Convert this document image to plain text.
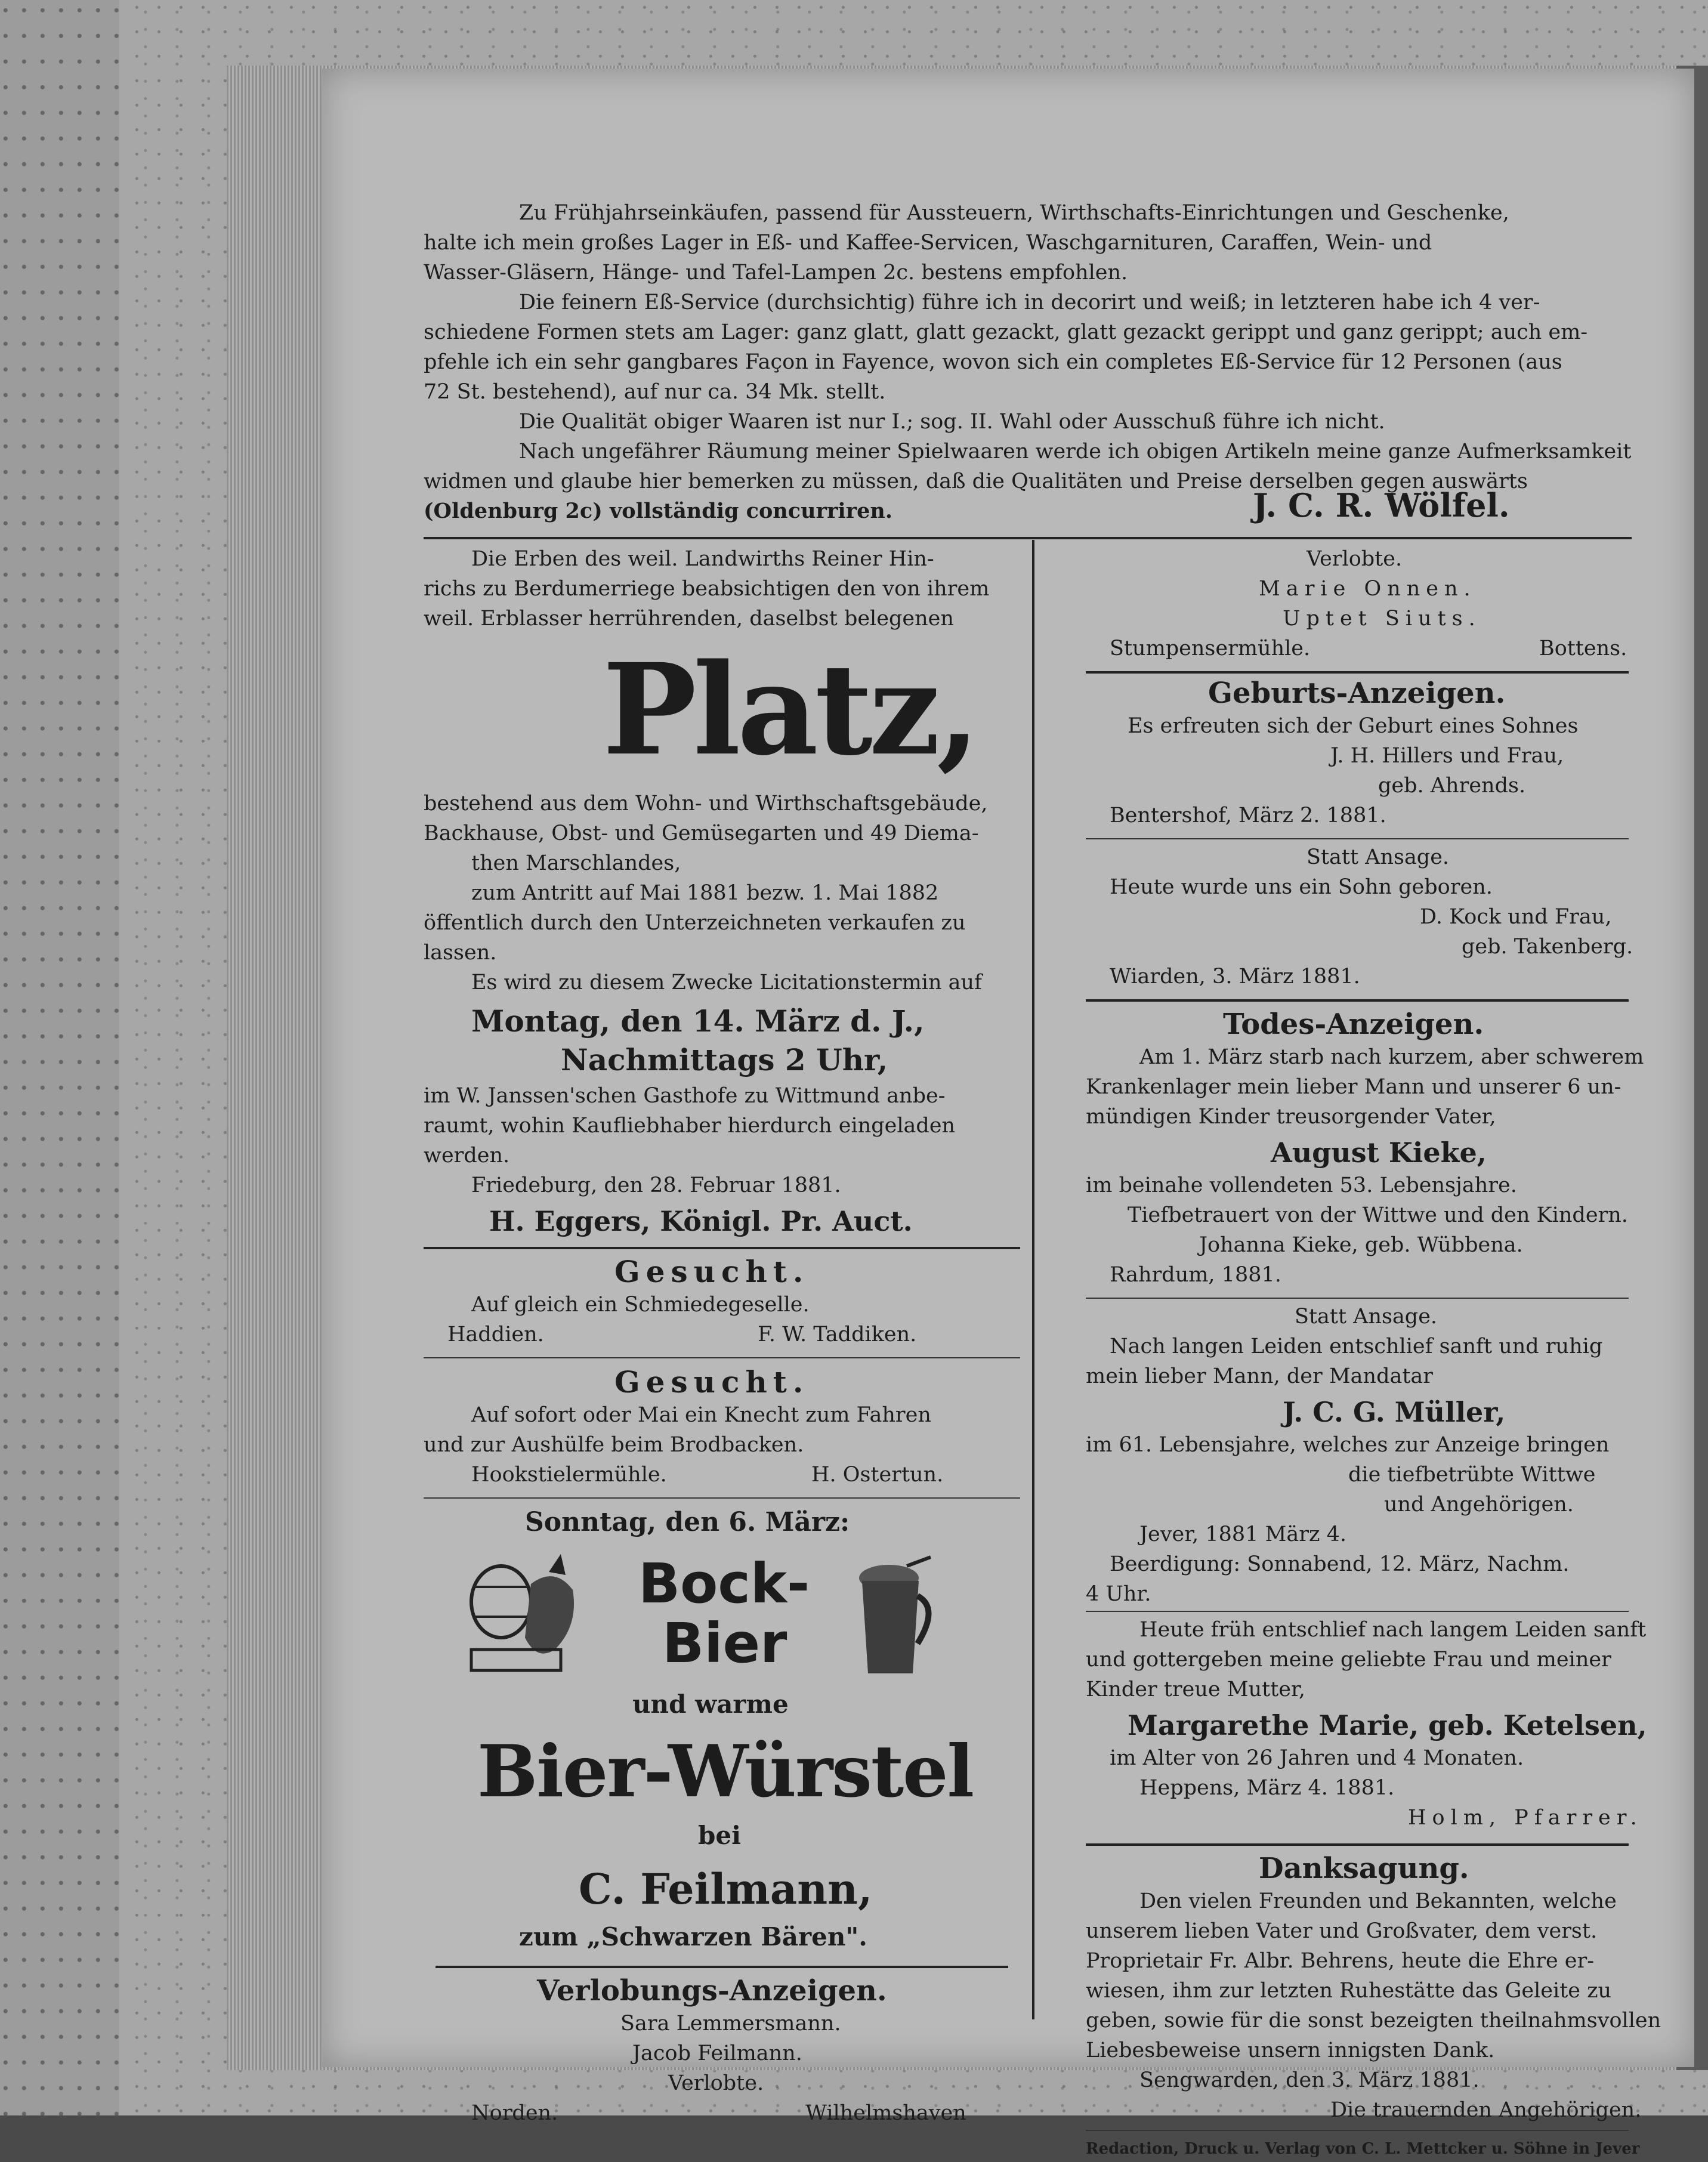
Zu Frühjahrseinkäufen, passend für Aussteuern, Wirthschafts-Einrichtungen und Geschenke,
halte ich mein großes Lager in Eß- und Kaffee-Servicen, Waschgarnituren, Caraffen, Wein- und
Wasser-Gläsern, Hänge- und Tafel-Lampen 2c. bestens empfohlen.
Die feinern Eß-Service (durchsichtig) führe ich in decorirt und weiß; in letzteren habe ich 4 ver-
schiedene Formen stets am Lager: ganz glatt, glatt gezackt, glatt gezackt gerippt und ganz gerippt; auch em-
pfehle ich ein sehr gangbares Façon in Fayence, wovon sich ein completes Eß-Service für 12 Personen (aus
72 St. bestehend), auf nur ca. 34 Mk. stellt.
Die Qualität obiger Waaren ist nur I.; sog. II. Wahl oder Ausschuß führe ich nicht.
Nach ungefährer Räumung meiner Spielwaaren werde ich obigen Artikeln meine ganze Aufmerksamkeit
widmen und glaube hier bemerken zu müssen, daß die Qualitäten und Preise derselben gegen auswärts
(Oldenburg 2c) vollständig concurriren.	J. C. R. Wölfel.
Die Erben des weil. Landwirths Reiner Hin-
richs zu Berdumerriege beabsichtigen den von ihrem
weil. Erblasser herrührenden, daselbst belegenen
Platz,
bestehend aus dem Wohn- und Wirthschaftsgebäude,
Backhause, Obst- und Gemüsegarten und 49 Diema-
then Marschlandes,
zum Antritt auf Mai 1881 bezw. 1. Mai 1882
öffentlich durch den Unterzeichneten verkaufen zu
lassen.
Es wird zu diesem Zwecke Licitationstermin auf
Montag, den 14. März d. J.,
Nachmittags 2 Uhr,
im W. Janssen'schen Gasthofe zu Wittmund anbe-
raumt, wohin Kaufliebhaber hierdurch eingeladen
werden.
Friedeburg, den 28. Februar 1881.
H. Eggers, Königl. Pr. Auct.
Gesucht.
Auf gleich ein Schmiedegeselle.
Haddien.	F. W. Taddiken.
Gesucht.
Auf sofort oder Mai ein Knecht zum Fahren
und zur Aushülfe beim Brodbacken.
Hookstielermühle.	H. Ostertun.
Sonntag, den 6. März:
Bock-
Bier
und warme
Bier-Würstel
bei
C. Feilmann,
zum „Schwarzen Bären".
Verlobungs-Anzeigen.
Sara Lemmersmann.
Jacob Feilmann.
Verlobte.
Norden.	Wilhelmshaven
Verlobte.
Marie Onnen.
Uptet Siuts.
Stumpensermühle.	Bottens.
Geburts-Anzeigen.
Es erfreuten sich der Geburt eines Sohnes
J. H. Hillers und Frau,
geb. Ahrends.
Bentershof, März 2. 1881.
Statt Ansage.
Heute wurde uns ein Sohn geboren.
D. Kock und Frau,
geb. Takenberg.
Wiarden, 3. März 1881.
Todes-Anzeigen.
Am 1. März starb nach kurzem, aber schwerem
Krankenlager mein lieber Mann und unserer 6 un-
mündigen Kinder treusorgender Vater,
August Kieke,
im beinahe vollendeten 53. Lebensjahre.
Tiefbetrauert von der Wittwe und den Kindern.
Johanna Kieke, geb. Wübbena.
Rahrdum, 1881.
Statt Ansage.
Nach langen Leiden entschlief sanft und ruhig
mein lieber Mann, der Mandatar
J. C. G. Müller,
im 61. Lebensjahre, welches zur Anzeige bringen
die tiefbetrübte Wittwe
und Angehörigen.
Jever, 1881 März 4.
Beerdigung: Sonnabend, 12. März, Nachm.
4 Uhr.
Heute früh entschlief nach langem Leiden sanft
und gottergeben meine geliebte Frau und meiner
Kinder treue Mutter,
Margarethe Marie, geb. Ketelsen,
im Alter von 26 Jahren und 4 Monaten.
Heppens, März 4. 1881.
Holm, Pfarrer.
Danksagung.
Den vielen Freunden und Bekannten, welche
unserem lieben Vater und Großvater, dem verst.
Proprietair Fr. Albr. Behrens, heute die Ehre er-
wiesen, ihm zur letzten Ruhestätte das Geleite zu
geben, sowie für die sonst bezeigten theilnahmsvollen
Liebesbeweise unsern innigsten Dank.
Sengwarden, den 3. März 1881.
Die trauernden Angehörigen.
Redaction, Druck u. Verlag von C. L. Mettcker u. Söhne in Jever
